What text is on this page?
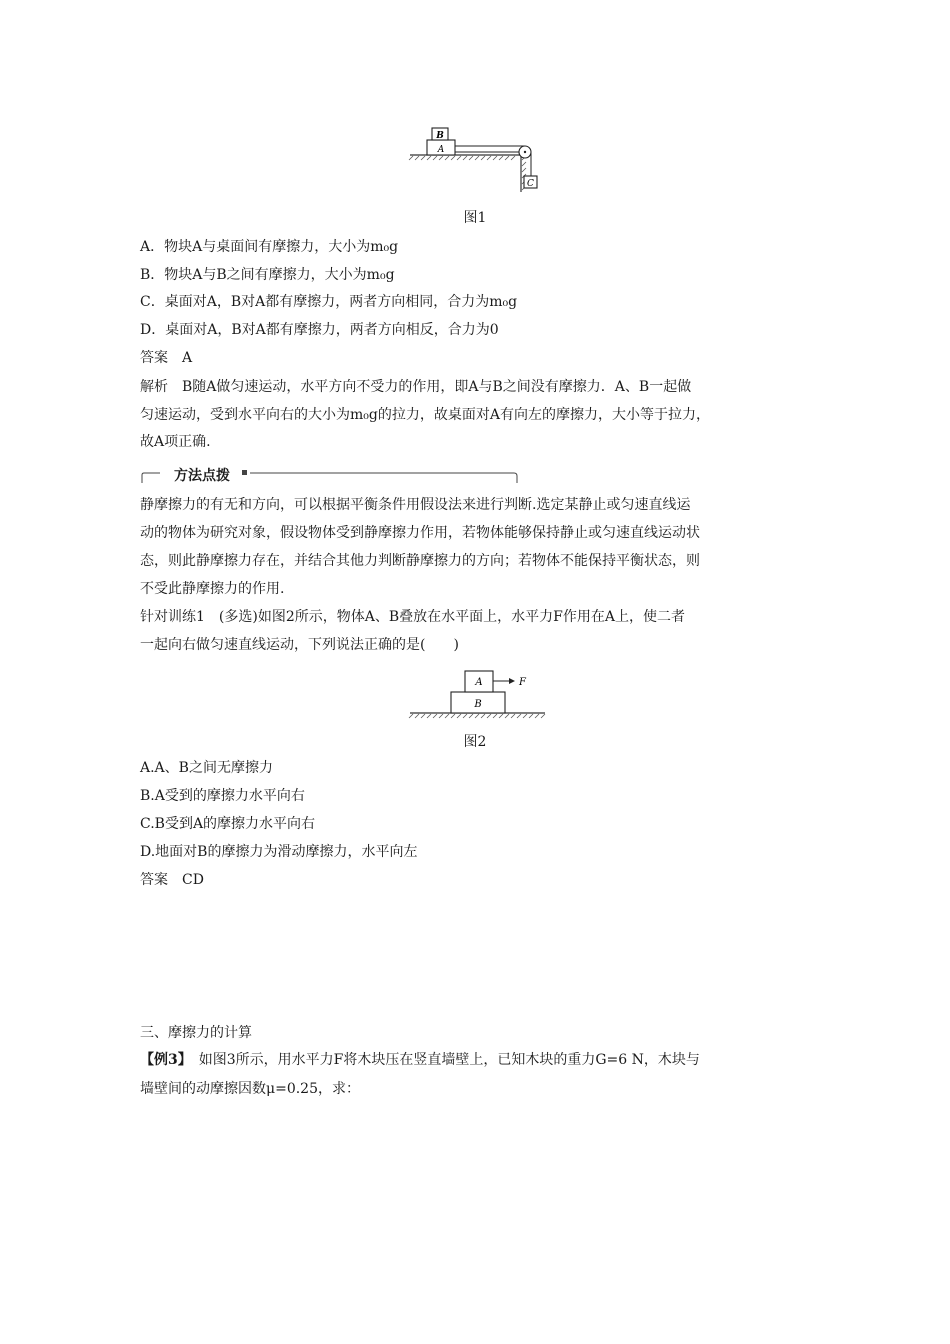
A
B
C
图1
A．物块A与桌面间有摩擦力，大小为m₀g
B．物块A与B之间有摩擦力，大小为m₀g
C．桌面对A，B对A都有摩擦力，两者方向相同，合力为m₀g
D．桌面对A，B对A都有摩擦力，两者方向相反，合力为0
答案　A
解析　B随A做匀速运动，水平方向不受力的作用，即A与B之间没有摩擦力．A、B一起做
匀速运动，受到水平向右的大小为m₀g的拉力，故桌面对A有向左的摩擦力，大小等于拉力，
故A项正确.
方法点拨
静摩擦力的有无和方向，可以根据平衡条件用假设法来进行判断.选定某静止或匀速直线运
动的物体为研究对象，假设物体受到静摩擦力作用，若物体能够保持静止或匀速直线运动状
态，则此静摩擦力存在，并结合其他力判断静摩擦力的方向；若物体不能保持平衡状态，则
不受此静摩擦力的作用.
针对训练1　(多选)如图2所示，物体A、B叠放在水平面上，水平力F作用在A上，使二者
一起向右做匀速直线运动，下列说法正确的是(　　)
A
B
F
图2
A.A、B之间无摩擦力
B.A受到的摩擦力水平向右
C.B受到A的摩擦力水平向右
D.地面对B的摩擦力为滑动摩擦力，水平向左
答案　CD
三、摩擦力的计算
【例3】　如图3所示，用水平力F将木块压在竖直墙壁上，已知木块的重力G=6 N，木块与
墙壁间的动摩擦因数μ=0.25，求：
